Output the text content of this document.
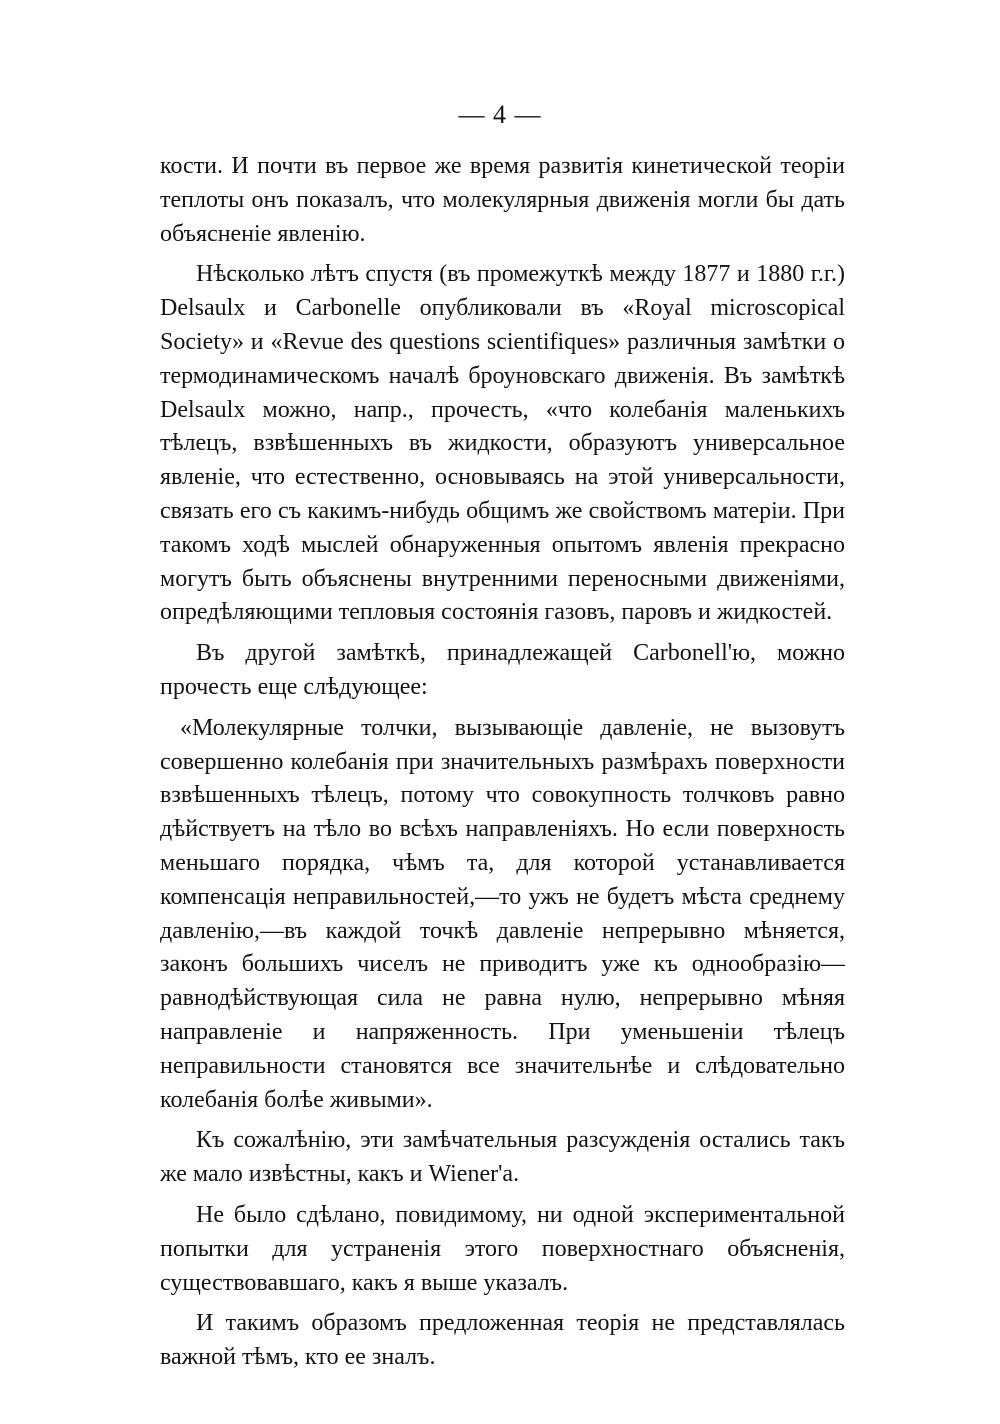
— 4 —

кости. И почти въ первое же время развитія кинетической теоріи теплоты онъ показалъ, что молекулярныя движенія могли бы дать объясненіе явленію.

Нѣсколько лѣтъ спустя (въ промежуткѣ между 1877 и 1880 г.г.) Delsaulx и Carbonelle опубликовали въ «Royal microscopical Society» и «Revue des questions scientifiques» различныя замѣтки о термодинамическомъ началѣ броуновскаго движенія. Въ замѣткѣ Delsaulx можно, напр., прочесть, «что колебанія маленькихъ тѣлецъ, взвѣшенныхъ въ жидкости, образуютъ универсальное явленіе, что естественно, основываясь на этой универсальности, связать его съ какимъ-нибудь общимъ же свойствомъ матеріи. При такомъ ходѣ мыслей обнаруженныя опытомъ явленія прекрасно могутъ быть объяснены внутренними переносными движеніями, опредѣляющими тепловыя состоянія газовъ, паровъ и жидкостей.

Въ другой замѣткѣ, принадлежащей Carbonell'ю, можно прочесть еще слѣдующее:

«Молекулярные толчки, вызывающіе давленіе, не вызовутъ совершенно колебанія при значительныхъ размѣрахъ поверхности взвѣшенныхъ тѣлецъ, потому что совокупность толчковъ равно дѣйствуетъ на тѣло во всѣхъ направленіяхъ. Но если поверхность меньшаго порядка, чѣмъ та, для которой устанавливается компенсація неправильностей,—то ужъ не будетъ мѣста среднему давленію,—въ каждой точкѣ давленіе непрерывно мѣняется, законъ большихъ чиселъ не приводитъ уже къ однообразію—равнодѣйствующая сила не равна нулю, непрерывно мѣняя направленіе и напряженность. При уменьшеніи тѣлецъ неправильности становятся все значительнѣе и слѣдовательно колебанія болѣе живыми».

Къ сожалѣнію, эти замѣчательныя разсужденія остались такъ же мало извѣстны, какъ и Wiener'a.

Не было сдѣлано, повидимому, ни одной экспериментальной попытки для устраненія этого поверхностнаго объясненія, существовавшаго, какъ я выше указалъ.

И такимъ образомъ предложенная теорія не представлялась важной тѣмъ, кто ее зналъ.
